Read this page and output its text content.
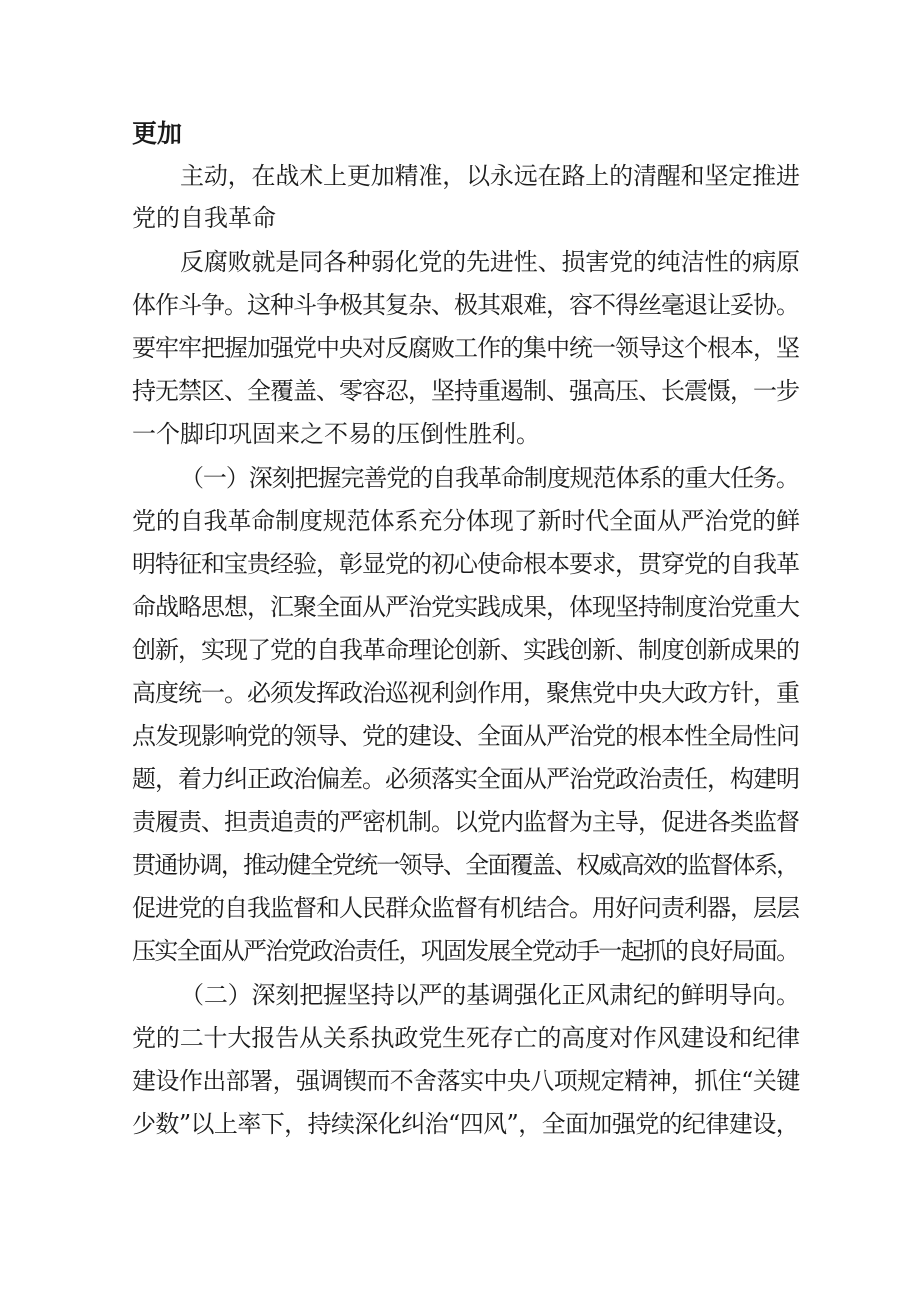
更加
主动，在战术上更加精准，以永远在路上的清醒和坚定推进
党的自我革命
反腐败就是同各种弱化党的先进性、损害党的纯洁性的病原
体作斗争。这种斗争极其复杂、极其艰难，容不得丝毫退让妥协。
要牢牢把握加强党中央对反腐败工作的集中统一领导这个根本，坚
持无禁区、全覆盖、零容忍，坚持重遏制、强高压、长震慑，一步
一个脚印巩固来之不易的压倒性胜利。
（一）深刻把握完善党的自我革命制度规范体系的重大任务。
党的自我革命制度规范体系充分体现了新时代全面从严治党的鲜
明特征和宝贵经验，彰显党的初心使命根本要求，贯穿党的自我革
命战略思想，汇聚全面从严治党实践成果，体现坚持制度治党重大
创新，实现了党的自我革命理论创新、实践创新、制度创新成果的
高度统一。必须发挥政治巡视利剑作用，聚焦党中央大政方针，重
点发现影响党的领导、党的建设、全面从严治党的根本性全局性问
题，着力纠正政治偏差。必须落实全面从严治党政治责任，构建明
责履责、担责追责的严密机制。以党内监督为主导，促进各类监督
贯通协调，推动健全党统一领导、全面覆盖、权威高效的监督体系，
促进党的自我监督和人民群众监督有机结合。用好问责利器，层层
压实全面从严治党政治责任，巩固发展全党动手一起抓的良好局面。
（二）深刻把握坚持以严的基调强化正风肃纪的鲜明导向。
党的二十大报告从关系执政党生死存亡的高度对作风建设和纪律
建设作出部署，强调锲而不舍落实中央八项规定精神，抓住“关键
少数”以上率下，持续深化纠治“四风”，全面加强党的纪律建设，
